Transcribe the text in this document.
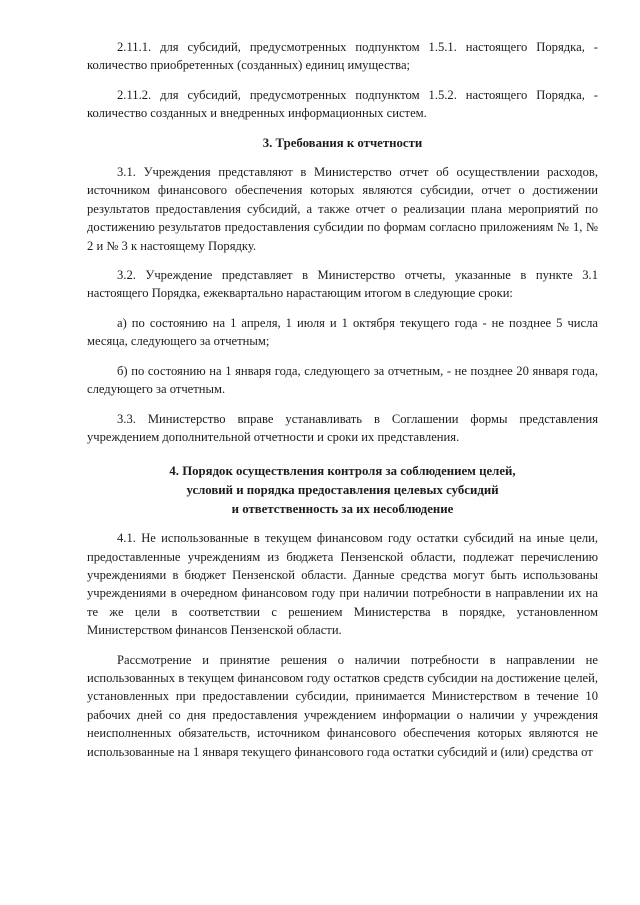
2.11.1. для субсидий, предусмотренных подпунктом 1.5.1. настоящего Порядка, - количество приобретенных (созданных) единиц имущества;

2.11.2. для субсидий, предусмотренных подпунктом 1.5.2. настоящего Порядка, - количество созданных и внедренных информационных систем.

3. Требования к отчетности

3.1. Учреждения представляют в Министерство отчет об осуществлении расходов, источником финансового обеспечения которых являются субсидии, отчет о достижении результатов предоставления субсидий, а также отчет о реализации плана мероприятий по достижению результатов предоставления субсидии по формам согласно приложениям № 1, № 2 и № 3 к настоящему Порядку.

3.2. Учреждение представляет в Министерство отчеты, указанные в пункте 3.1 настоящего Порядка, ежеквартально нарастающим итогом в следующие сроки:

а) по состоянию на 1 апреля, 1 июля и 1 октября текущего года - не позднее 5 числа месяца, следующего за отчетным;

б) по состоянию на 1 января года, следующего за отчетным, - не позднее 20 января года, следующего за отчетным.

3.3. Министерство вправе устанавливать в Соглашении формы представления учреждением дополнительной отчетности и сроки их представления.

4. Порядок осуществления контроля за соблюдением целей,
условий и порядка предоставления целевых субсидий
и ответственность за их несоблюдение

4.1. Не использованные в текущем финансовом году остатки субсидий на иные цели, предоставленные учреждениям из бюджета Пензенской области, подлежат перечислению учреждениями в бюджет Пензенской области. Данные средства могут быть использованы учреждениями в очередном финансовом году при наличии потребности в направлении их на те же цели в соответствии с решением Министерства в порядке, установленном Министерством финансов Пензенской области.

Рассмотрение и принятие решения о наличии потребности в направлении не использованных в текущем финансовом году остатков средств субсидии на достижение целей, установленных при предоставлении субсидии, принимается Министерством в течение 10 рабочих дней со дня предоставления учреждением информации о наличии у учреждения неисполненных обязательств, источником финансового обеспечения которых являются не использованные на 1 января текущего финансового года остатки субсидий и (или) средства от
